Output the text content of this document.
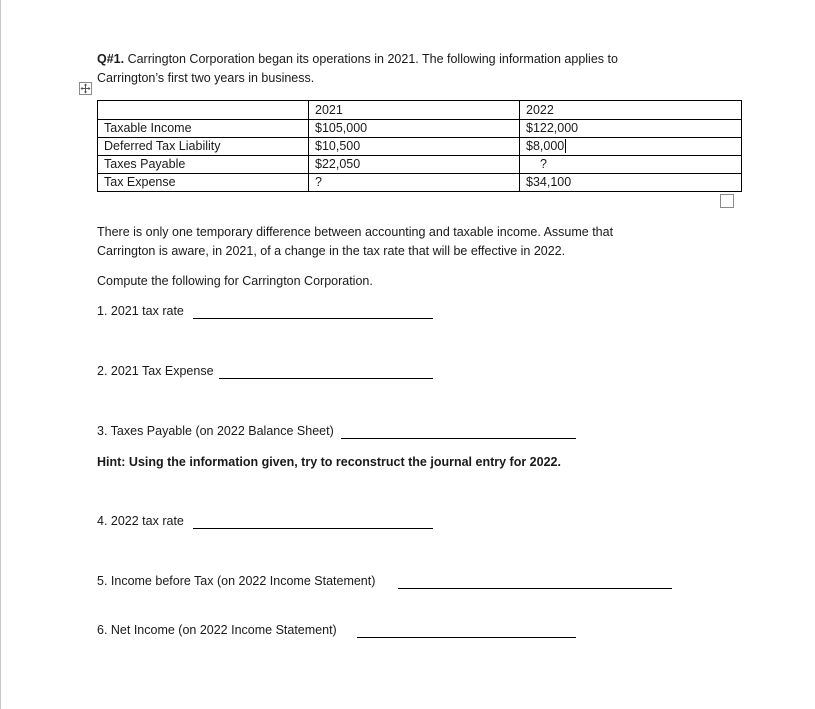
Q#1. Carrington Corporation began its operations in 2021. The following information applies to
Carrington’s first two years in business.
	2021	2022
Taxable Income	$105,000	$122,000
Deferred Tax Liability	$10,500	$8,000
Taxes Payable	$22,050	?
Tax Expense	?	$34,100
There is only one temporary difference between accounting and taxable income. Assume that
Carrington is aware, in 2021, of a change in the tax rate that will be effective in 2022.
Compute the following for Carrington Corporation.
1. 2021 tax rate
2. 2021 Tax Expense
3. Taxes Payable (on 2022 Balance Sheet)
Hint: Using the information given, try to reconstruct the journal entry for 2022.
4. 2022 tax rate
5. Income before Tax (on 2022 Income Statement)
6. Net Income (on 2022 Income Statement)
